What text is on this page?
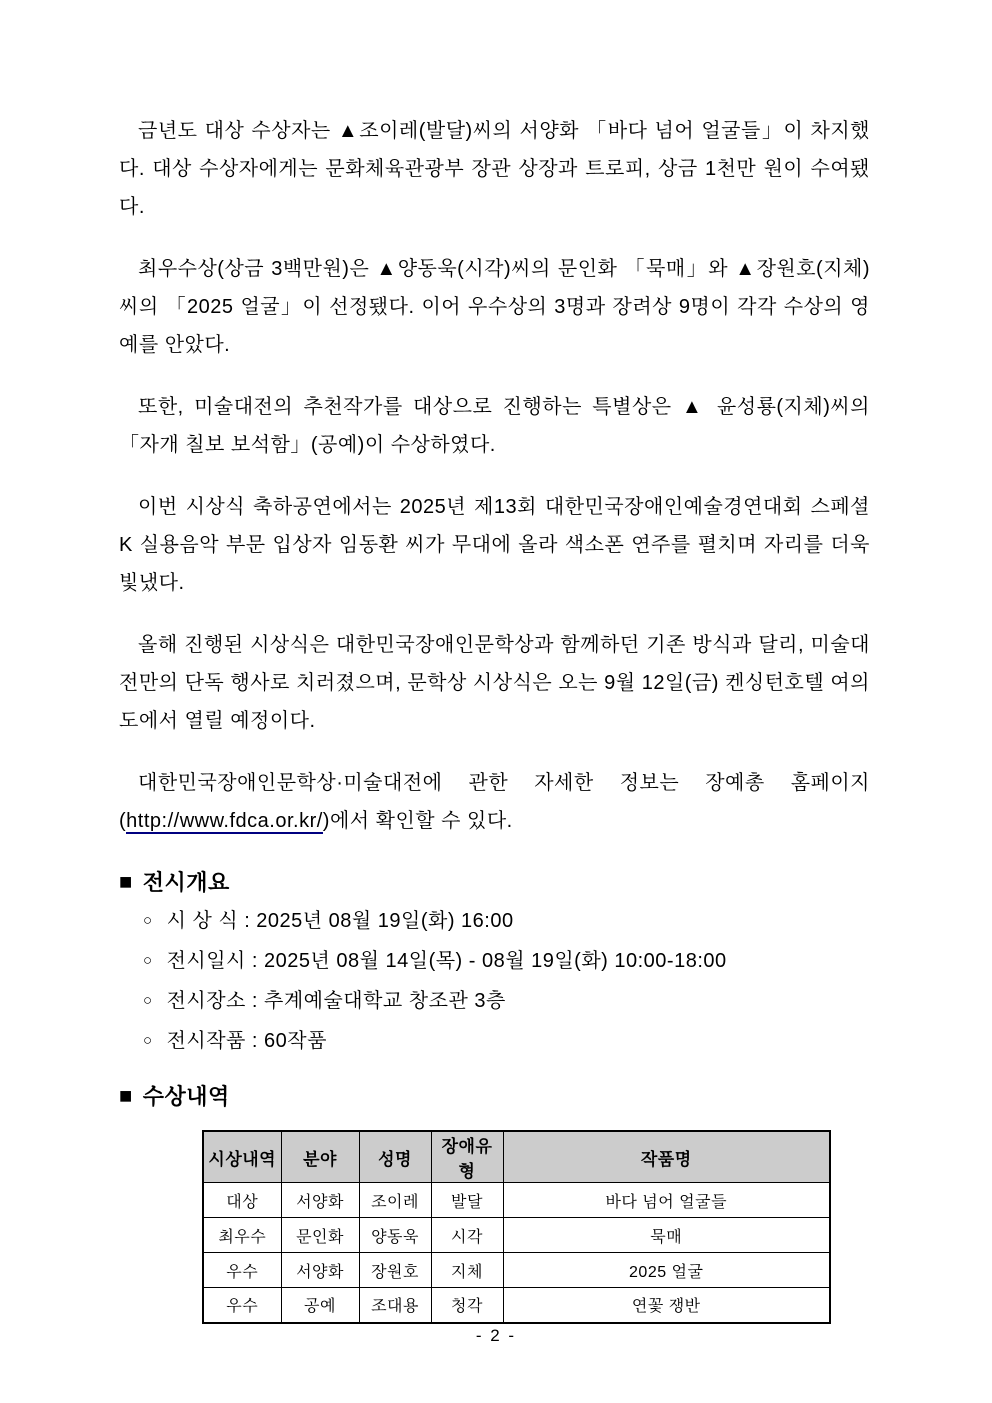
금년도 대상 수상자는 ▲조이레(발달)씨의 서양화 「바다 넘어 얼굴들」이 차지했다. 대상 수상자에게는 문화체육관광부 장관 상장과 트로피, 상금 1천만 원이 수여됐다.

최우수상(상금 3백만원)은 ▲양동욱(시각)씨의 문인화 「묵매」와 ▲장원호(지체)씨의 「2025 얼굴」이 선정됐다. 이어 우수상의 3명과 장려상 9명이 각각 수상의 영예를 안았다.

또한, 미술대전의 추천작가를 대상으로 진행하는 특별상은 ▲ 윤성룡(지체)씨의 「자개 칠보 보석함」(공예)이 수상하였다.

이번 시상식 축하공연에서는 2025년 제13회 대한민국장애인예술경연대회 스페셜K 실용음악 부문 입상자 임동환 씨가 무대에 올라 색소폰 연주를 펼치며 자리를 더욱 빛냈다.

올해 진행된 시상식은 대한민국장애인문학상과 함께하던 기존 방식과 달리, 미술대전만의 단독 행사로 치러졌으며, 문학상 시상식은 오는 9월 12일(금) 켄싱턴호텔 여의도에서 열릴 예정이다.

대한민국장애인문학상·미술대전에 관한 자세한 정보는 장예총 홈페이지 (http://www.fdca.or.kr/)에서 확인할 수 있다.

■ 전시개요
○ 시 상 식 : 2025년 08월 19일(화) 16:00
○ 전시일시 : 2025년 08월 14일(목) - 08월 19일(화) 10:00-18:00
○ 전시장소 : 추계예술대학교 창조관 3층
○ 전시작품 : 60작품
■ 수상내역
시상내역	분야	성명	장애유형	작품명
대상	서양화	조이레	발달	바다 넘어 얼굴들
최우수	문인화	양동욱	시각	묵매
우수	서양화	장원호	지체	2025 얼굴
우수	공예	조대용	청각	연꽃 쟁반
- 2 -
